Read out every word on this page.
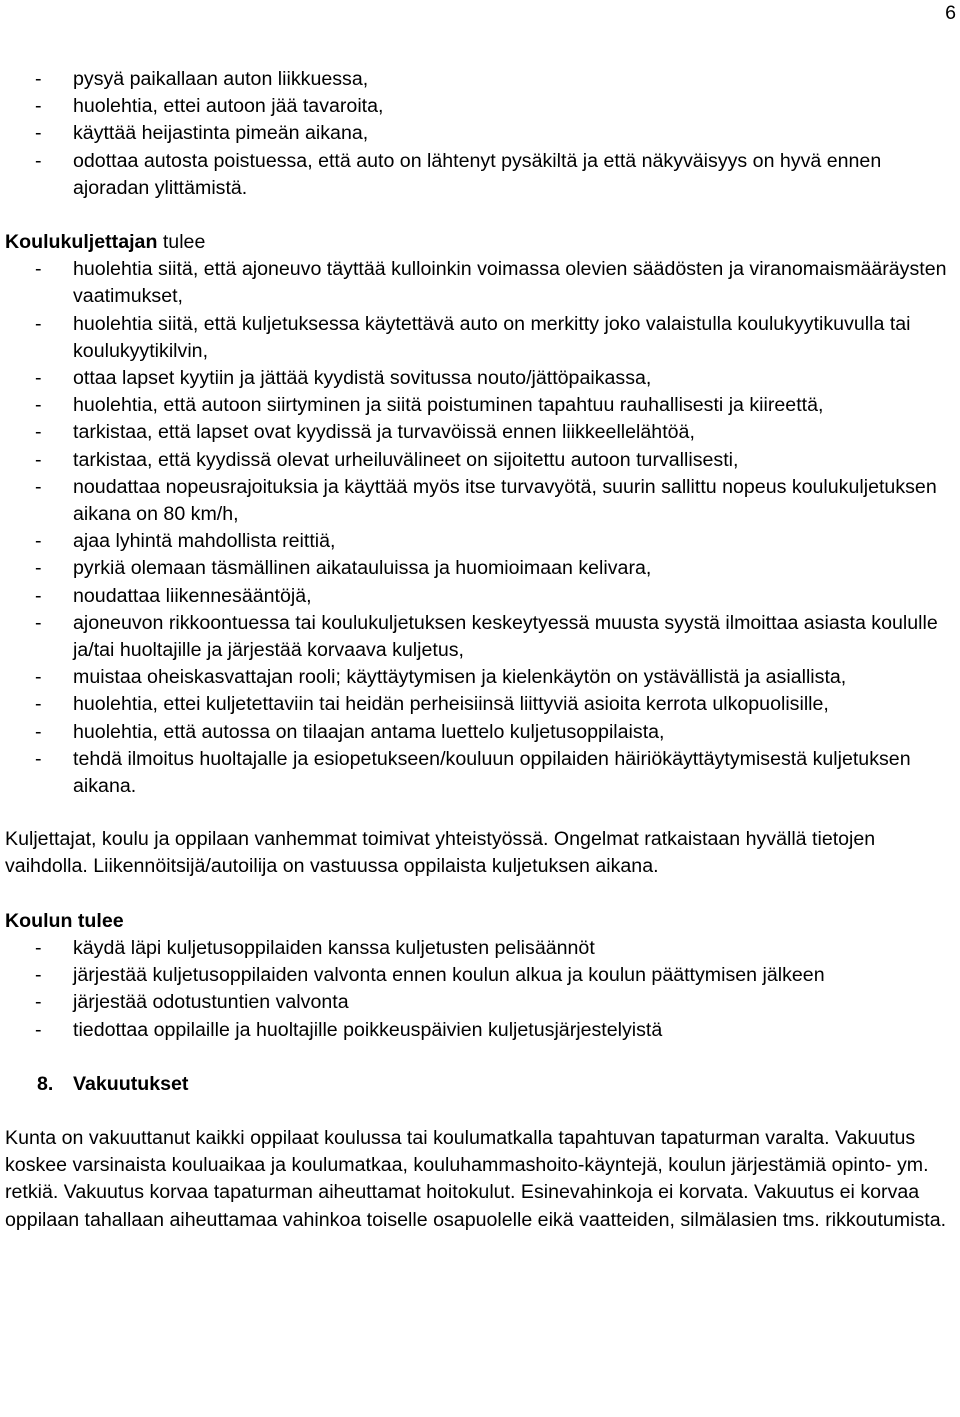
6
- pysyä paikallaan auton liikkuessa,
- huolehtia, ettei autoon jää tavaroita,
- käyttää heijastinta pimeän aikana,
- odottaa autosta poistuessa, että auto on lähtenyt pysäkiltä ja että näkyväisyys on hyvä ennen ajoradan ylittämistä.

Koulukuljettajan tulee

- huolehtia siitä, että ajoneuvo täyttää kulloinkin voimassa olevien säädösten ja viranomaismääräysten vaatimukset,
- huolehtia siitä, että kuljetuksessa käytettävä auto on merkitty joko valaistulla koulukyytikuvulla tai koulukyytikilvin,
- ottaa lapset kyytiin ja jättää kyydistä sovitussa nouto/jättöpaikassa,
- huolehtia, että autoon siirtyminen ja siitä poistuminen tapahtuu rauhallisesti ja kiireettä,
- tarkistaa, että lapset ovat kyydissä ja turvavöissä ennen liikkeellelähtöä,
- tarkistaa, että kyydissä olevat urheiluvälineet on sijoitettu autoon turvallisesti,
- noudattaa nopeusrajoituksia ja käyttää myös itse turvavyötä, suurin sallittu nopeus koulukuljetuksen aikana on 80 km/h,
- ajaa lyhintä mahdollista reittiä,
- pyrkiä olemaan täsmällinen aikatauluissa ja huomioimaan kelivara,
- noudattaa liikennesääntöjä,
- ajoneuvon rikkoontuessa tai koulukuljetuksen keskeytyessä muusta syystä ilmoittaa asiasta koululle ja/tai huoltajille ja järjestää korvaava kuljetus,
- muistaa oheiskasvattajan rooli; käyttäytymisen ja kielenkäytön on ystävällistä ja asiallista,
- huolehtia, ettei kuljetettaviin tai heidän perheisiinsä liittyviä asioita kerrota ulkopuolisille,
- huolehtia, että autossa on tilaajan antama luettelo kuljetusoppilaista,
- tehdä ilmoitus huoltajalle ja esiopetukseen/kouluun oppilaiden häiriökäyttäytymisestä kuljetuksen aikana.

Kuljettajat, koulu ja oppilaan vanhemmat toimivat yhteistyössä. Ongelmat ratkaistaan hyvällä tietojen vaihdolla. Liikennöitsijä/autoilija on vastuussa oppilaista kuljetuksen aikana.

Koulun tulee

- käydä läpi kuljetusoppilaiden kanssa kuljetusten pelisäännöt
- järjestää kuljetusoppilaiden valvonta ennen koulun alkua ja koulun päättymisen jälkeen
- järjestää odotustuntien valvonta
- tiedottaa oppilaille ja huoltajille poikkeuspäivien kuljetusjärjestelyistä
8. Vakuutukset

Kunta on vakuuttanut kaikki oppilaat koulussa tai koulumatkalla tapahtuvan tapaturman varalta. Vakuutus koskee varsinaista kouluaikaa ja koulumatkaa, kouluhammashoito-käyntejä, koulun järjestämiä opinto- ym. retkiä. Vakuutus korvaa tapaturman aiheuttamat hoitokulut. Esinevahinkoja ei korvata. Vakuutus ei korvaa oppilaan tahallaan aiheuttamaa vahinkoa toiselle osapuolelle eikä vaatteiden, silmälasien tms. rikkoutumista.
